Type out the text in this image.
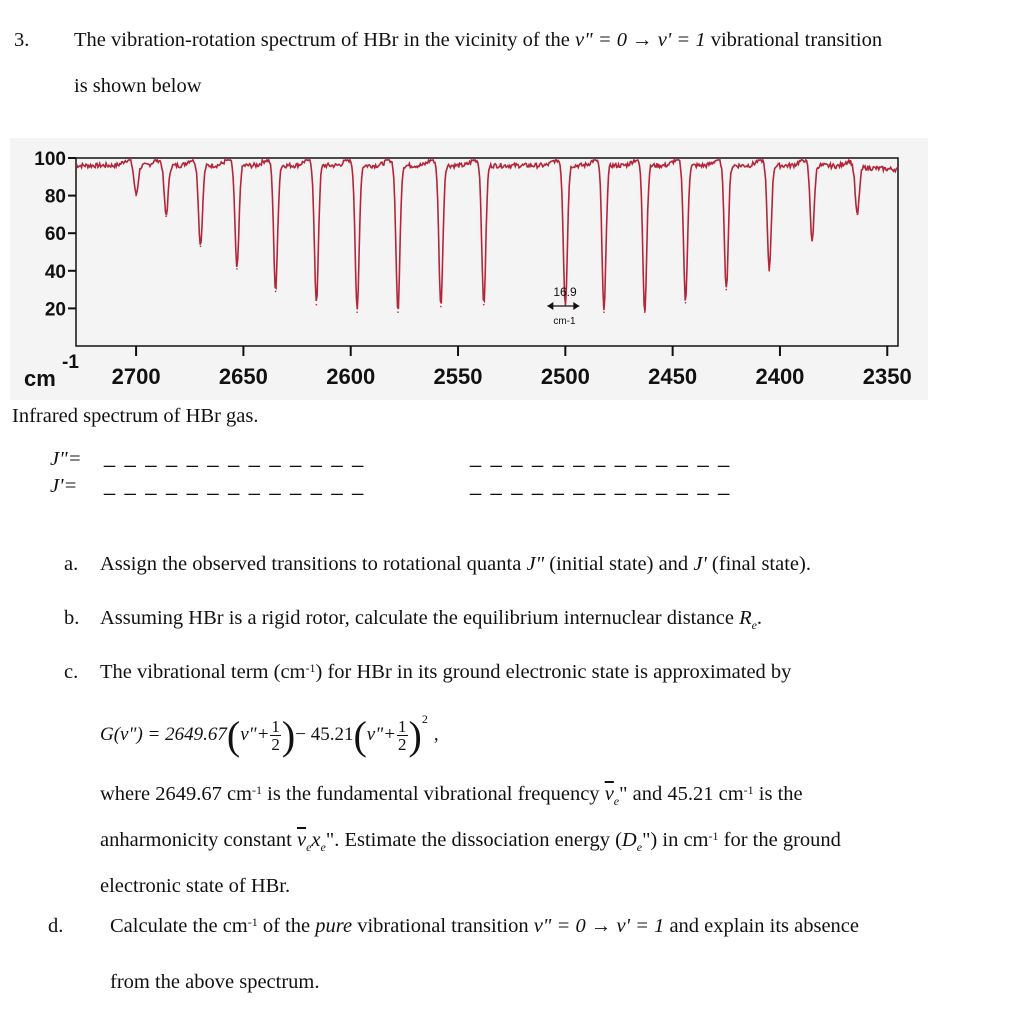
3. The vibration-rotation spectrum of HBr in the vicinity of the v" = 0 → v' = 1 vibrational transition
is shown below
100
80
60
40
20
2700	2650	2600	2550	2500	2450	2400	2350
cm
-1
16.9
cm-1
Infrared spectrum of HBr gas.
J"=
J'=
_ _ _ _ _ _ _ _ _ _ _ _ _	_ _ _ _ _ _ _ _ _ _ _ _ _
_ _ _ _ _ _ _ _ _ _ _ _ _	_ _ _ _ _ _ _ _ _ _ _ _ _
a. Assign the observed transitions to rotational quanta J" (initial state) and J' (final state).
b. Assuming HBr is a rigid rotor, calculate the equilibrium internuclear distance $R_e$.
c. The vibrational term $(cm^{-1})$ for HBr in its ground electronic state is approximated by
G(v") = 2649.67 ( v"+ $\frac{1}{2}$ ) − 45.21 ( v"+ $\frac{1}{2} )^2$
,
where 2649.67 $cm^{-1}$ is the fundamental vibrational frequency $\overline{\nu}_e$" and 45.21 $cm^{-1}$ is the
anharmonicity constant $\overline{\nu}_ex_e$". Estimate the dissociation energy $(D_e")$ in $cm^{-1}$ for the ground
electronic state of HBr.
d. Calculate the $cm^{-1}$ of the pure vibrational transition v" = 0 → v' = 1 and explain its absence
from the above spectrum.
